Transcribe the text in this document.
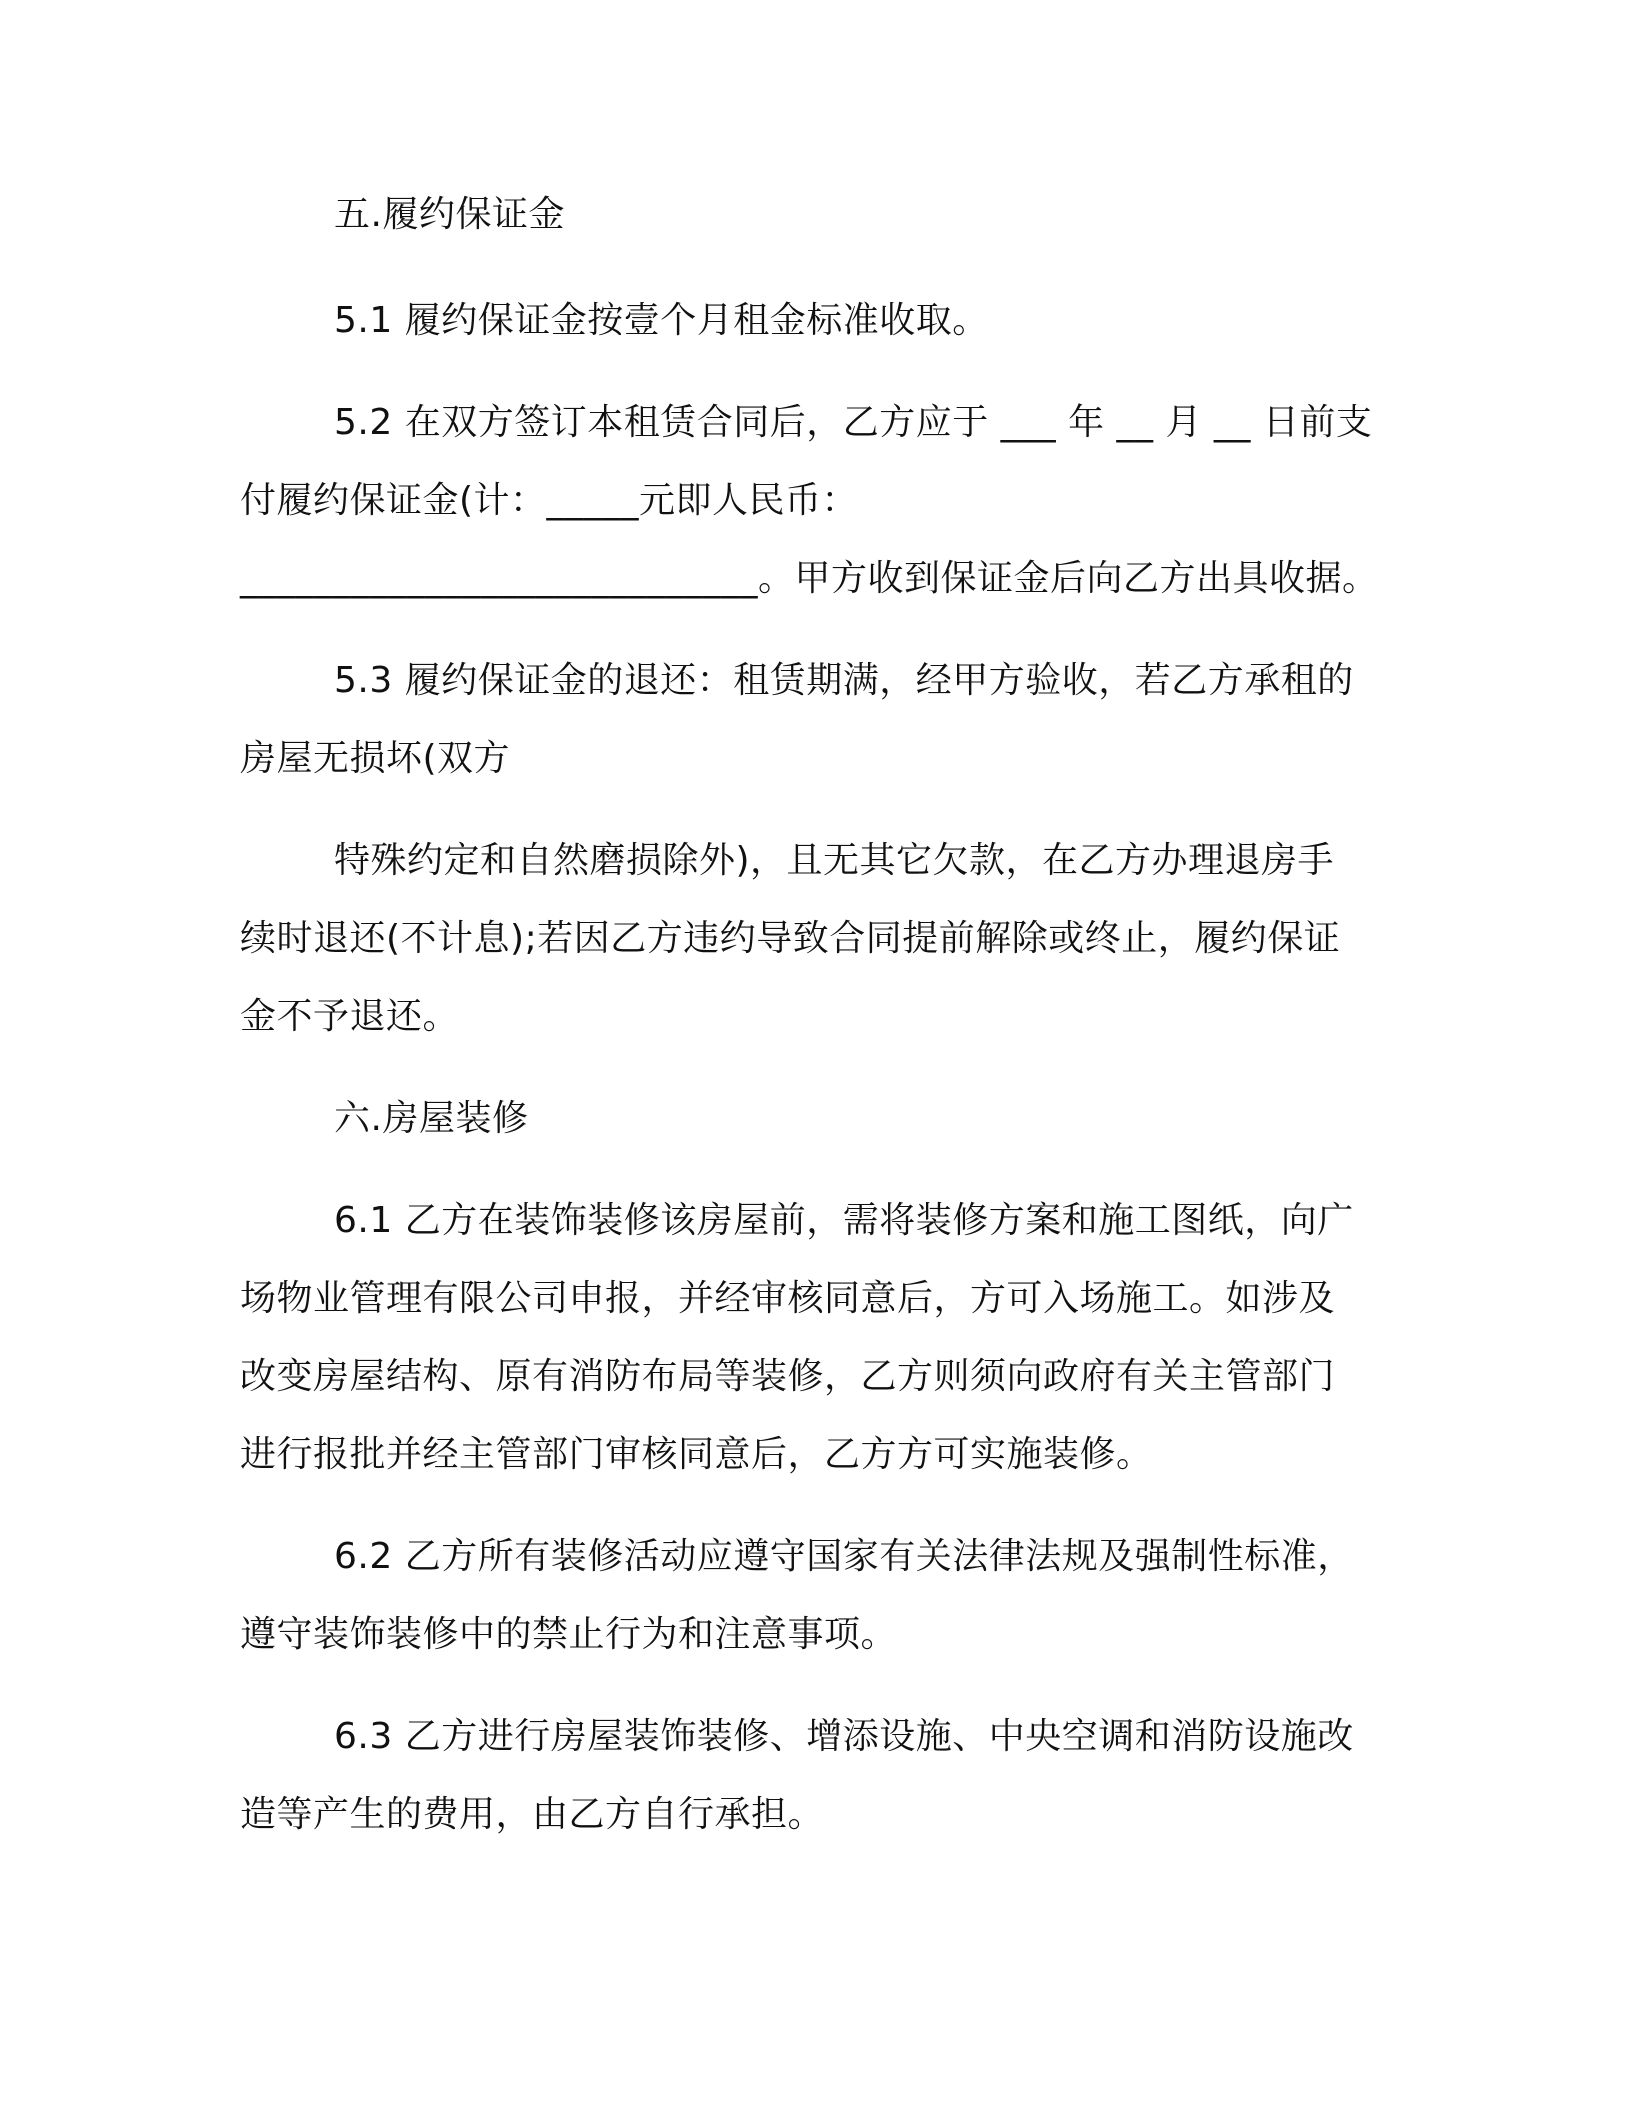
五.履约保证金
5.1 履约保证金按壹个月租金标准收取。
5.2 在双方签订本租赁合同后，乙方应于 ___ 年 __ 月 __ 日前支
付履约保证金(计：_____元即人民币：
____________________________。甲方收到保证金后向乙方出具收据。
5.3 履约保证金的退还：租赁期满，经甲方验收，若乙方承租的
房屋无损坏(双方
特殊约定和自然磨损除外)，且无其它欠款，在乙方办理退房手
续时退还(不计息);若因乙方违约导致合同提前解除或终止，履约保证
金不予退还。
六.房屋装修
6.1 乙方在装饰装修该房屋前，需将装修方案和施工图纸，向广
场物业管理有限公司申报，并经审核同意后，方可入场施工。如涉及
改变房屋结构、原有消防布局等装修，乙方则须向政府有关主管部门
进行报批并经主管部门审核同意后，乙方方可实施装修。
6.2 乙方所有装修活动应遵守国家有关法律法规及强制性标准，
遵守装饰装修中的禁止行为和注意事项。
6.3 乙方进行房屋装饰装修、增添设施、中央空调和消防设施改
造等产生的费用，由乙方自行承担。
